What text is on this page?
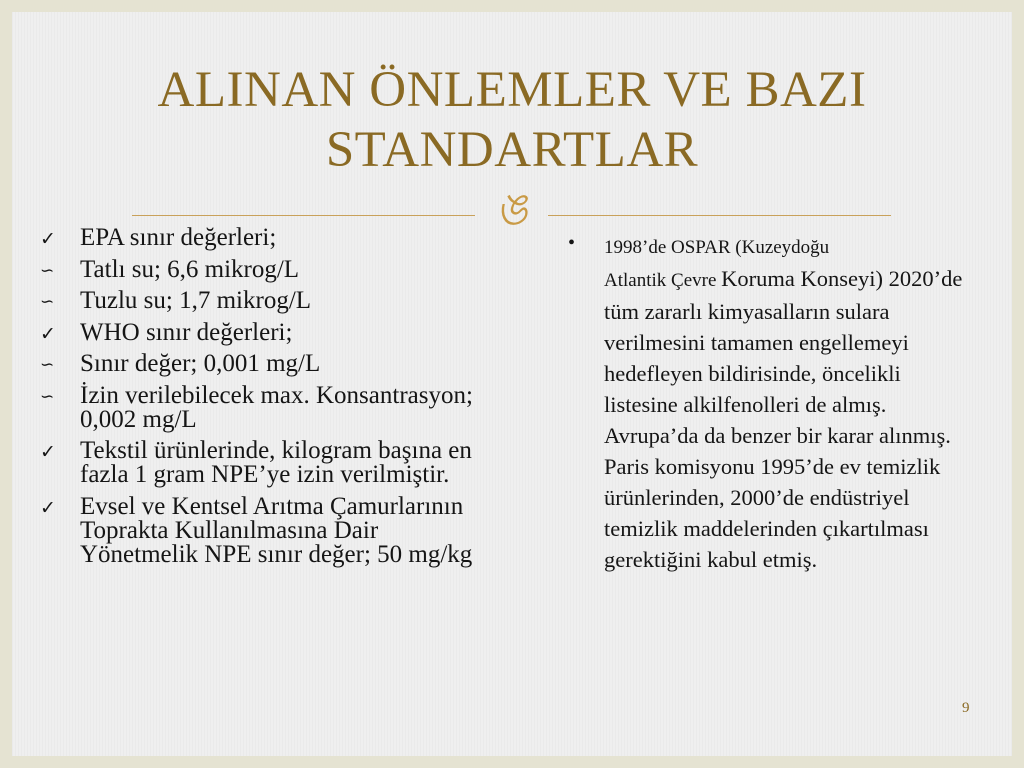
ALINAN ÖNLEMLER VE BAZI
STANDARTLAR
ঙ
✓ EPA sınır değerleri;
∽	Tatlı su; 6,6 mikrog/L
∽	Tuzlu su; 1,7 mikrog/L
✓ WHO sınır değerleri;
∽	Sınır değer; 0,001 mg/L
∽	İzin verilebilecek max. Konsantrasyon; 0,002 mg/L
✓ Tekstil ürünlerinde, kilogram başına en fazla 1 gram NPE’ye izin verilmiştir.
✓ Evsel ve Kentsel Arıtma Çamurlarının Toprakta Kullanılmasına Dair Yönetmelik NPE sınır değer; 50 mg/kg
• 1998’de OSPAR (Kuzeydoğu
Atlantik Çevre Koruma Konseyi) 2020’de tüm zararlı kimyasalların sulara verilmesini tamamen engellemeyi hedefleyen bildirisinde, öncelikli listesine alkilfenolleri de almış. Avrupa’da da benzer bir karar alınmış. Paris komisyonu 1995’de ev temizlik ürünlerinden, 2000’de endüstriyel temizlik maddelerinden çıkartılması gerektiğini kabul etmiş.
9
